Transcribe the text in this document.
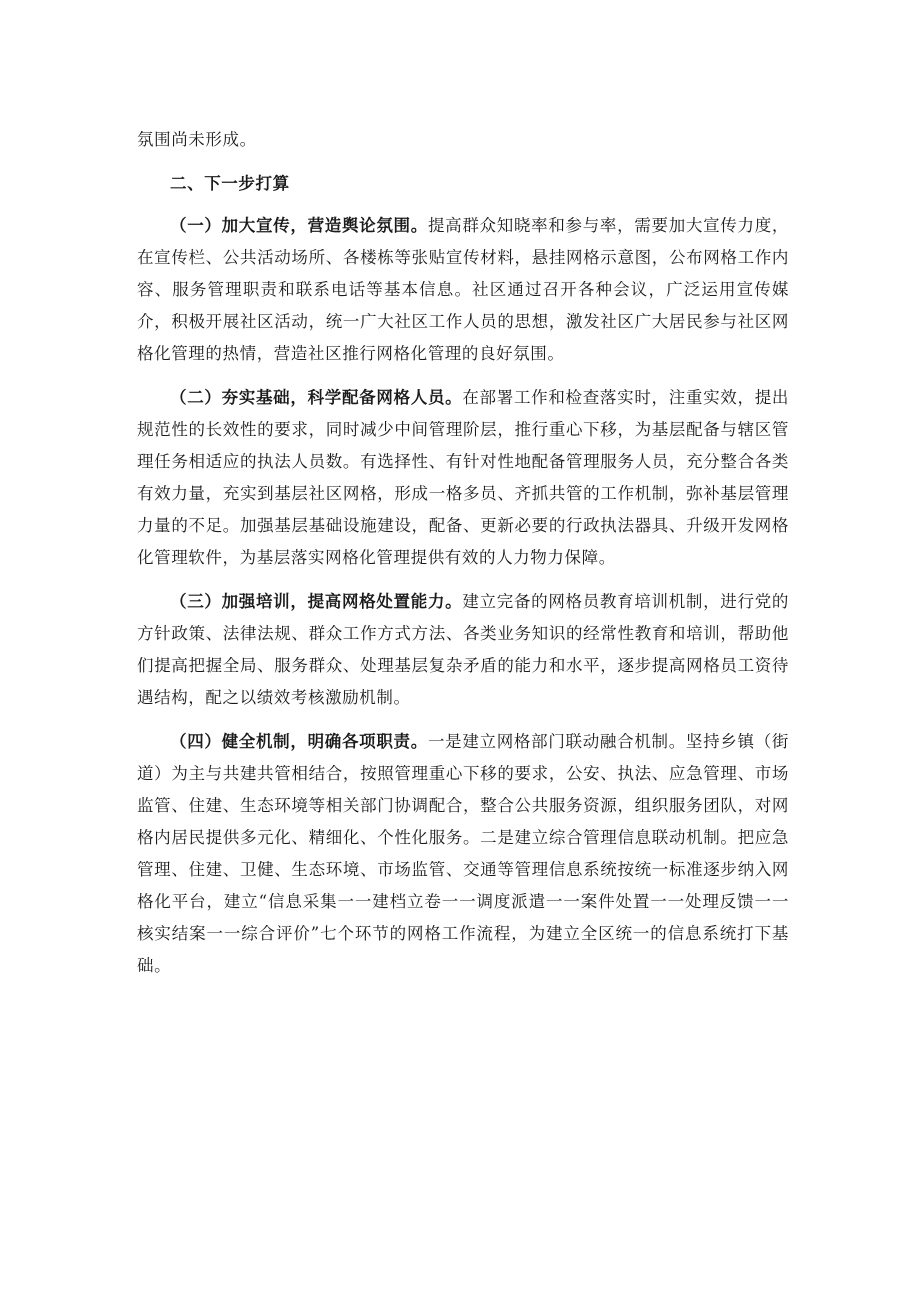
氛围尚未形成。

二、下一步打算

（一）加大宣传，营造舆论氛围。提高群众知晓率和参与率，需要加大宣传力度，在宣传栏、公共活动场所、各楼栋等张贴宣传材料，悬挂网格示意图，公布网格工作内容、服务管理职责和联系电话等基本信息。社区通过召开各种会议，广泛运用宣传媒介，积极开展社区活动，统一广大社区工作人员的思想，激发社区广大居民参与社区网格化管理的热情，营造社区推行网格化管理的良好氛围。

（二）夯实基础，科学配备网格人员。在部署工作和检查落实时，注重实效，提出规范性的长效性的要求，同时减少中间管理阶层，推行重心下移，为基层配备与辖区管理任务相适应的执法人员数。有选择性、有针对性地配备管理服务人员，充分整合各类有效力量，充实到基层社区网格，形成一格多员、齐抓共管的工作机制，弥补基层管理力量的不足。加强基层基础设施建设，配备、更新必要的行政执法器具、升级开发网格化管理软件，为基层落实网格化管理提供有效的人力物力保障。

（三）加强培训，提高网格处置能力。建立完备的网格员教育培训机制，进行党的方针政策、法律法规、群众工作方式方法、各类业务知识的经常性教育和培训，帮助他们提高把握全局、服务群众、处理基层复杂矛盾的能力和水平，逐步提高网格员工资待遇结构，配之以绩效考核激励机制。

（四）健全机制，明确各项职责。一是建立网格部门联动融合机制。坚持乡镇（街道）为主与共建共管相结合，按照管理重心下移的要求，公安、执法、应急管理、市场监管、住建、生态环境等相关部门协调配合，整合公共服务资源，组织服务团队，对网格内居民提供多元化、精细化、个性化服务。二是建立综合管理信息联动机制。把应急管理、住建、卫健、生态环境、市场监管、交通等管理信息系统按统一标准逐步纳入网格化平台，建立“信息采集一一建档立卷一一调度派遣一一案件处置一一处理反馈一一核实结案一一综合评价”七个环节的网格工作流程，为建立全区统一的信息系统打下基础。
